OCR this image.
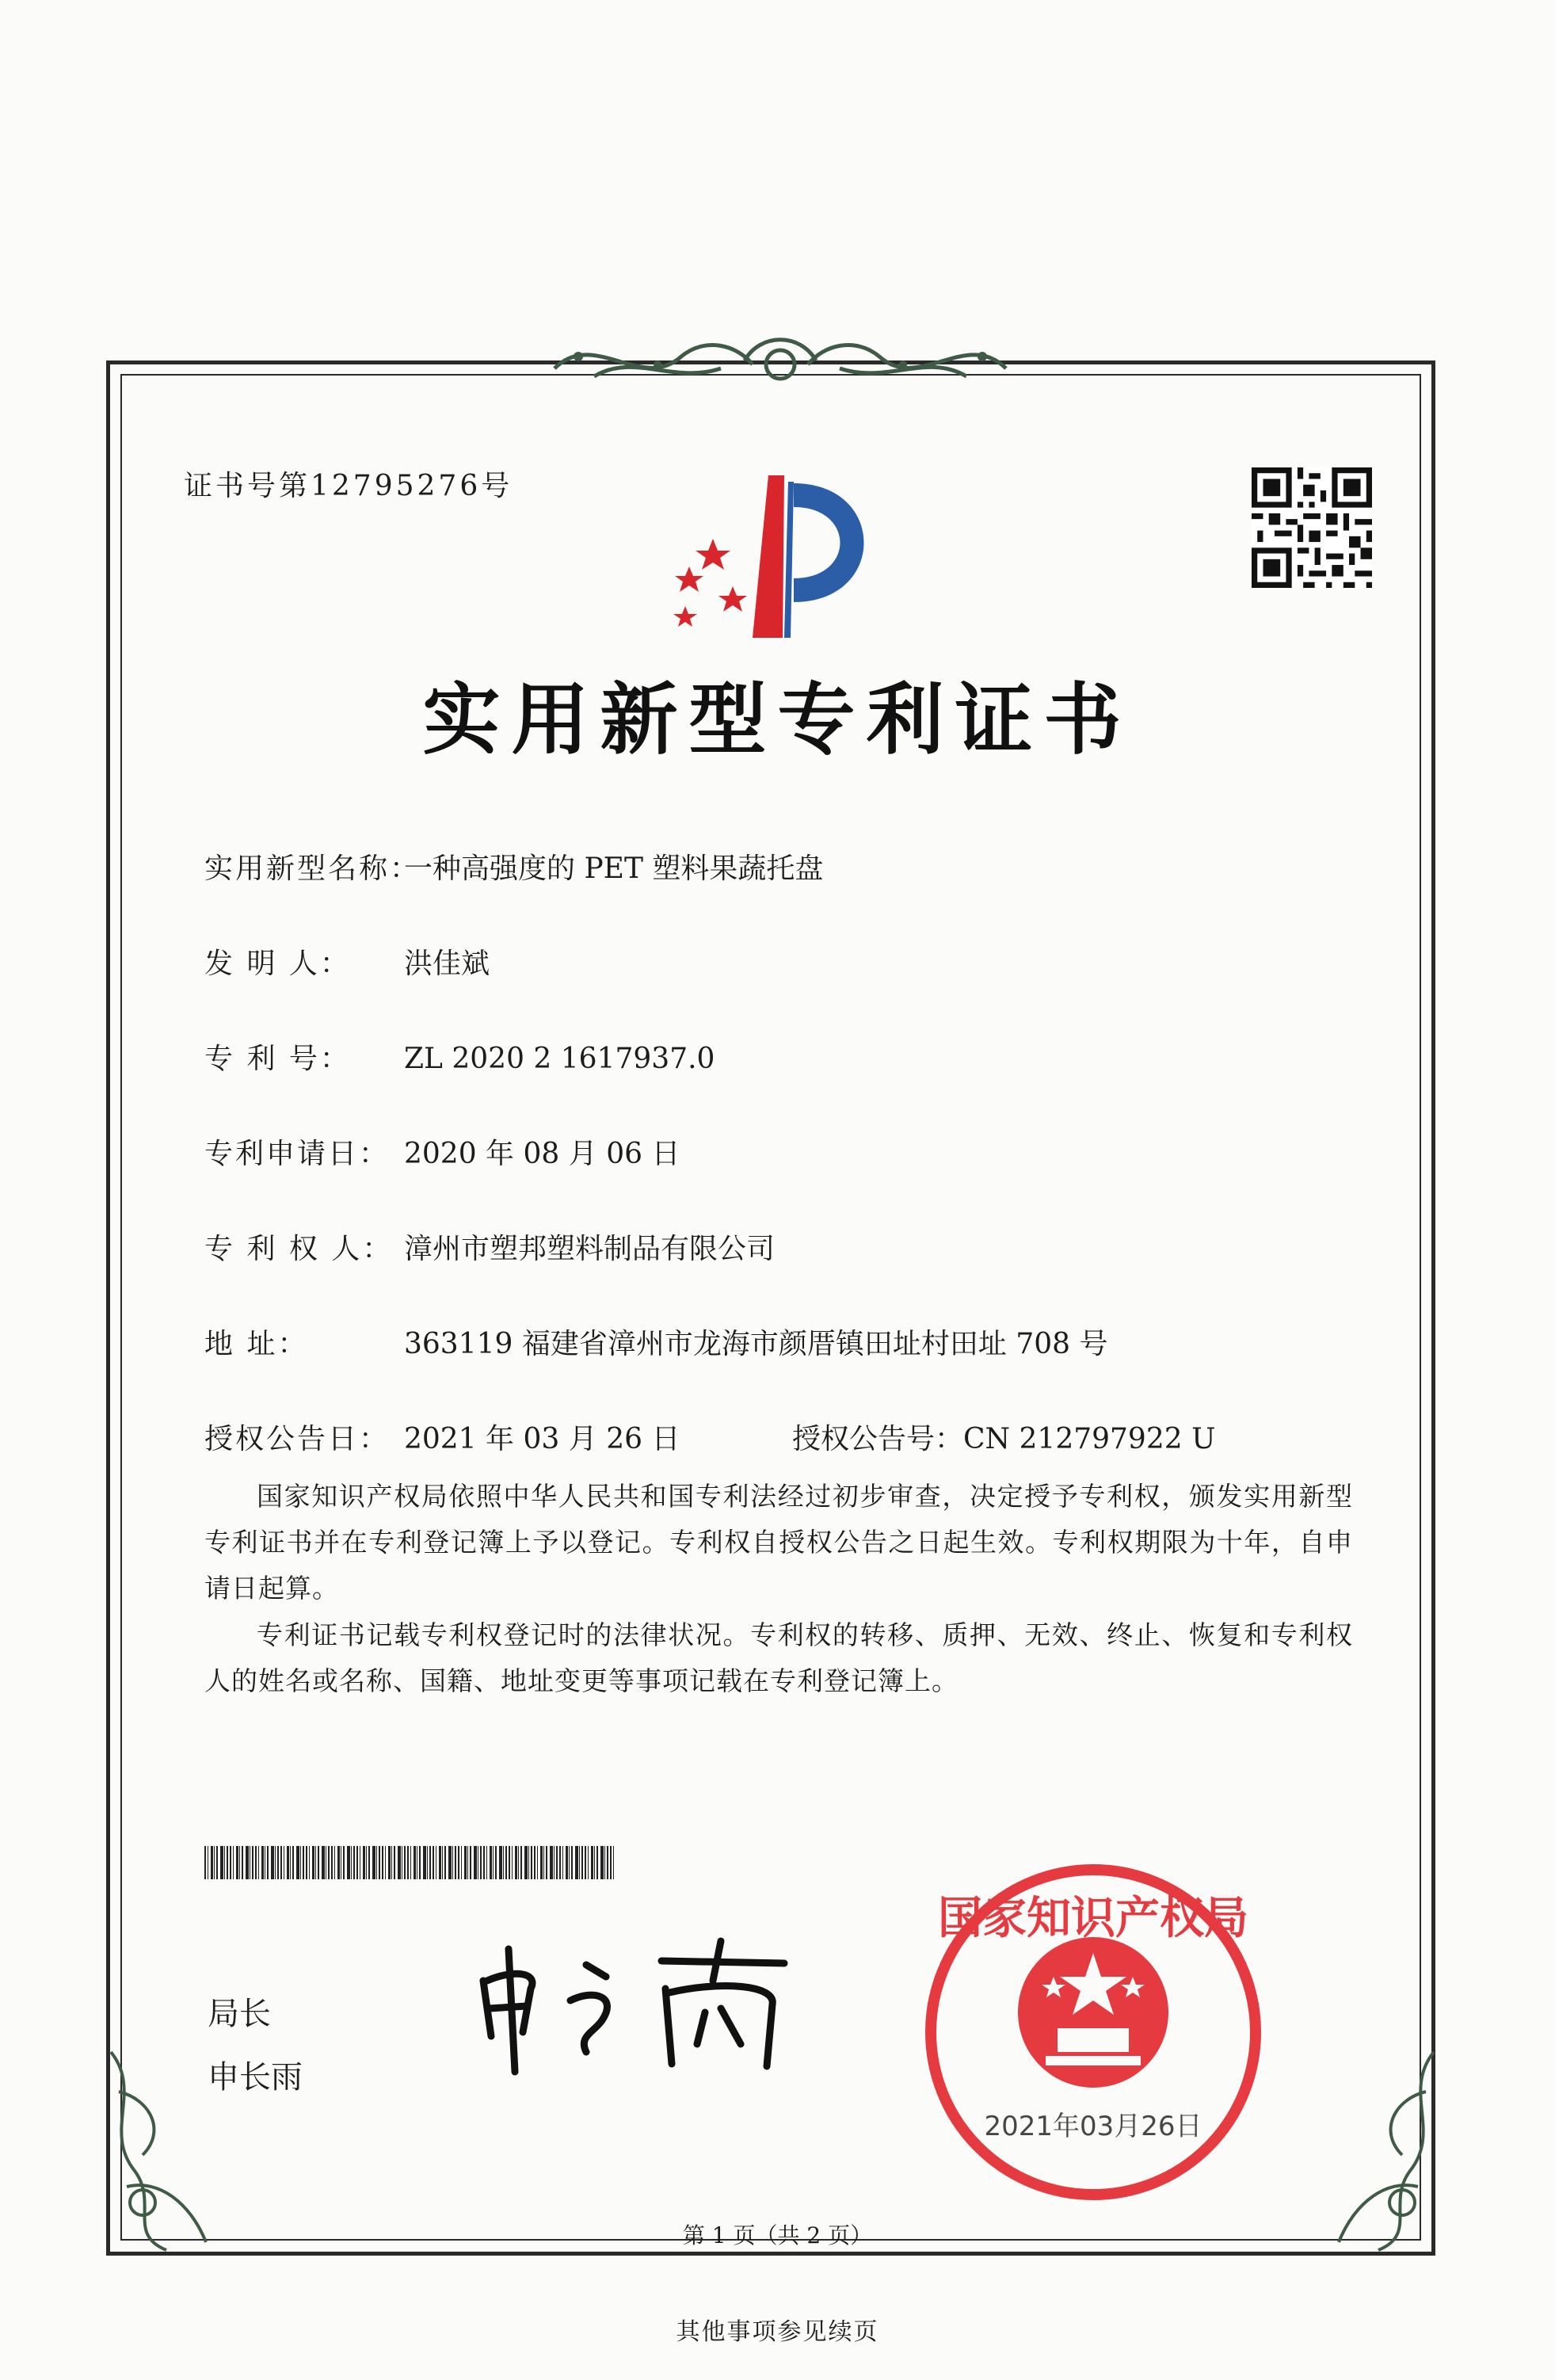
证书号第12795276号
实用新型专利证书
实用新型名称：一种高强度的 PET 塑料果蔬托盘
发 明 人： 洪佳斌
专 利 号： ZL 2020 2 1617937.0
专利申请日： 2020 年 08 月 06 日
专 利 权 人： 漳州市塑邦塑料制品有限公司
地 址：	363119 福建省漳州市龙海市颜厝镇田址村田址 708 号
授权公告日： 2021 年 03 月 26 日	授权公告号：CN 212797922 U
国家知识产权局依照中华人民共和国专利法经过初步审查，决定授予专利权，颁发实用新型专利证书并在专利登记簿上予以登记。专利权自授权公告之日起生效。专利权期限为十年，自申请日起算。
专利证书记载专利权登记时的法律状况。专利权的转移、质押、无效、终止、恢复和专利权人的姓名或名称、国籍、地址变更等事项记载在专利登记簿上。
局长
申长雨
国家知识产权局
2021年03月26日
第 1 页（共 2 页）
其他事项参见续页
